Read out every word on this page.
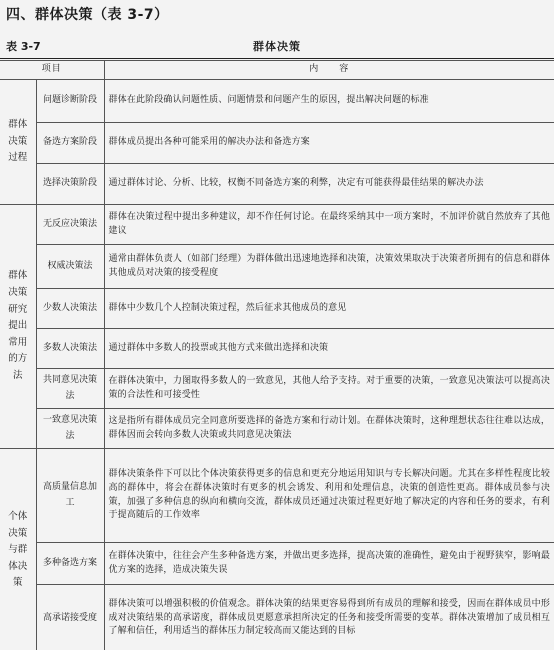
四、群体决策（表 3-7）
表 3-7	群体决策
项目		内　　容
群体决策过程	问题诊断阶段	群体在此阶段确认问题性质、问题情景和问题产生的原因，提出解决问题的标准
	备选方案阶段	群体成员提出各种可能采用的解决办法和备选方案
	选择决策阶段	通过群体讨论、分析、比较，权衡不同备选方案的利弊，决定有可能获得最佳结果的解决办法
群体决策研究提出常用的方法	无反应决策法	群体在决策过程中提出多种建议，却不作任何讨论。在最终采纳其中一项方案时，不加评价就自然放弃了其他建议
	权威决策法	通常由群体负责人（如部门经理）为群体做出迅速地选择和决策，决策效果取决于决策者所拥有的信息和群体其他成员对决策的接受程度
	少数人决策法	群体中少数几个人控制决策过程，然后征求其他成员的意见
	多数人决策法	通过群体中多数人的投票或其他方式来做出选择和决策
	共同意见决策法	在群体决策中，力图取得多数人的一致意见，其他人给予支持。对于重要的决策，一致意见决策法可以提高决策的合法性和可接受性
	一致意见决策法	这是指所有群体成员完全同意所要选择的备选方案和行动计划。在群体决策时，这种理想状态往往难以达成，群体因而会转向多数人决策或共同意见决策法
个体决策与群体决策	高质量信息加工	群体决策条件下可以比个体决策获得更多的信息和更充分地运用知识与专长解决问题。尤其在多样性程度比较高的群体中，将会在群体决策时有更多的机会诱发、利用和处理信息，决策的创造性更高。群体成员参与决策，加强了多种信息的纵向和横向交流，群体成员还通过决策过程更好地了解决定的内容和任务的要求，有利于提高随后的工作效率
	多种备选方案	在群体决策中，往往会产生多种备选方案，并做出更多选择，提高决策的准确性，避免由于视野狭窄，影响最优方案的选择，造成决策失误
	高承诺接受度	群体决策可以增强积极的价值观念。群体决策的结果更容易得到所有成员的理解和接受，因而在群体成员中形成对决策结果的高承诺度，群体成员更愿意承担所决定的任务和接受所需要的变革。群体决策增加了成员相互了解和信任，利用适当的群体压力制定较高而又能达到的目标
